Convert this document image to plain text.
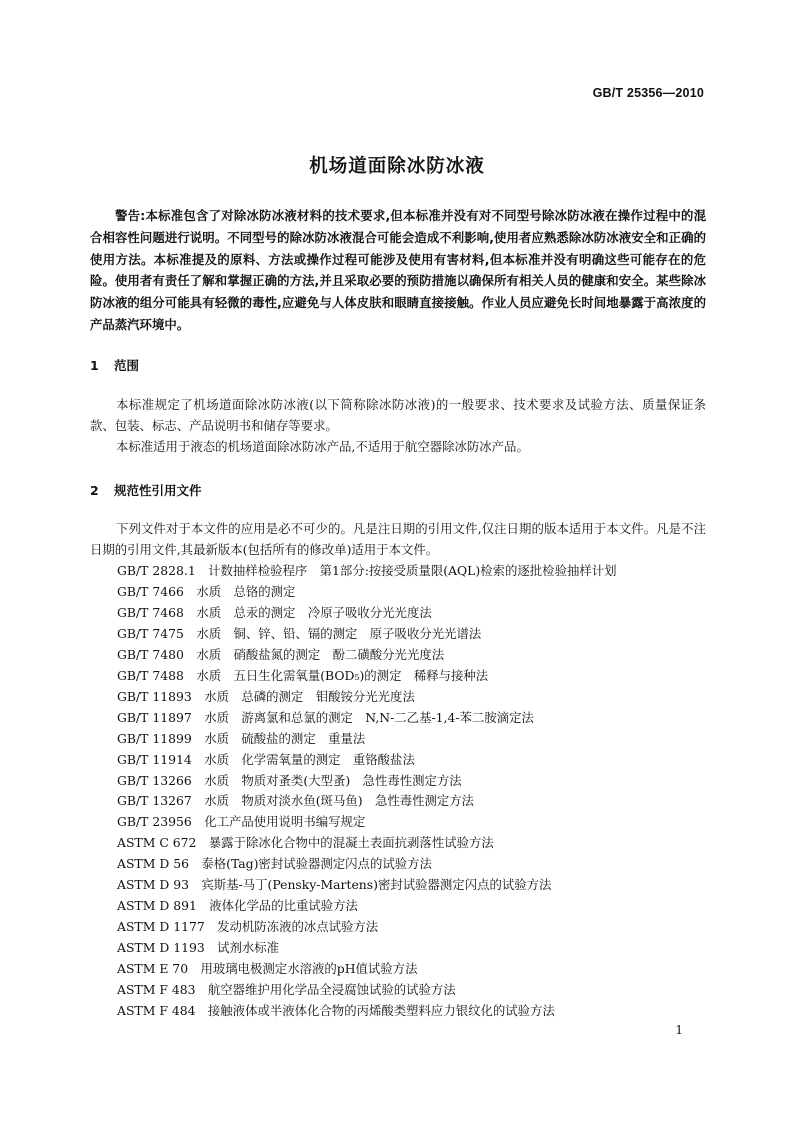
GB/T 25356—2010
机场道面除冰防冰液
警告:本标准包含了对除冰防冰液材料的技术要求,但本标准并没有对不同型号除冰防冰液在操作过程中的混合相容性问题进行说明。不同型号的除冰防冰液混合可能会造成不利影响,使用者应熟悉除冰防冰液安全和正确的使用方法。本标准提及的原料、方法或操作过程可能涉及使用有害材料,但本标准并没有明确这些可能存在的危险。使用者有责任了解和掌握正确的方法,并且采取必要的预防措施以确保所有相关人员的健康和安全。某些除冰防冰液的组分可能具有轻微的毒性,应避免与人体皮肤和眼睛直接接触。作业人员应避免长时间地暴露于高浓度的产品蒸汽环境中。
1 范围
本标准规定了机场道面除冰防冰液(以下简称除冰防冰液)的一般要求、技术要求及试验方法、质量保证条款、包装、标志、产品说明书和储存等要求。
本标准适用于液态的机场道面除冰防冰产品,不适用于航空器除冰防冰产品。
2 规范性引用文件
下列文件对于本文件的应用是必不可少的。凡是注日期的引用文件,仅注日期的版本适用于本文件。凡是不注日期的引用文件,其最新版本(包括所有的修改单)适用于本文件。
GB/T 2828.1　 计数抽样检验程序　第1部分:按接受质量限(AQL)检索的逐批检验抽样计划
GB/T 7466　 水质　总铬的测定
GB/T 7468　 水质　总汞的测定　冷原子吸收分光光度法
GB/T 7475　 水质　铜、锌、铅、镉的测定　原子吸收分光光谱法
GB/T 7480　 水质　硝酸盐氮的测定　酚二磺酸分光光度法
GB/T 7488　 水质　五日生化需氧量(BOD₅)的测定　稀释与接种法
GB/T 11893　 水质　总磷的测定　钼酸铵分光光度法
GB/T 11897　 水质　游离氯和总氯的测定　N,N-二乙基-1,4-苯二胺滴定法
GB/T 11899　 水质　硫酸盐的测定　重量法
GB/T 11914　 水质　化学需氧量的测定　重铬酸盐法
GB/T 13266　 水质　物质对蚤类(大型蚤)　急性毒性测定方法
GB/T 13267　 水质　物质对淡水鱼(斑马鱼)　急性毒性测定方法
GB/T 23956　 化工产品使用说明书编写规定
ASTM C 672　 暴露于除冰化合物中的混凝土表面抗剥落性试验方法
ASTM D 56　 泰格(Tag)密封试验器测定闪点的试验方法
ASTM D 93　 宾斯基-马丁(Pensky-Martens)密封试验器测定闪点的试验方法
ASTM D 891　 液体化学品的比重试验方法
ASTM D 1177　 发动机防冻液的冰点试验方法
ASTM D 1193　 试剂水标准
ASTM E 70　 用玻璃电极测定水溶液的pH值试验方法
ASTM F 483　 航空器维护用化学品全浸腐蚀试验的试验方法
ASTM F 484　 接触液体或半液体化合物的丙烯酸类塑料应力银纹化的试验方法
1
